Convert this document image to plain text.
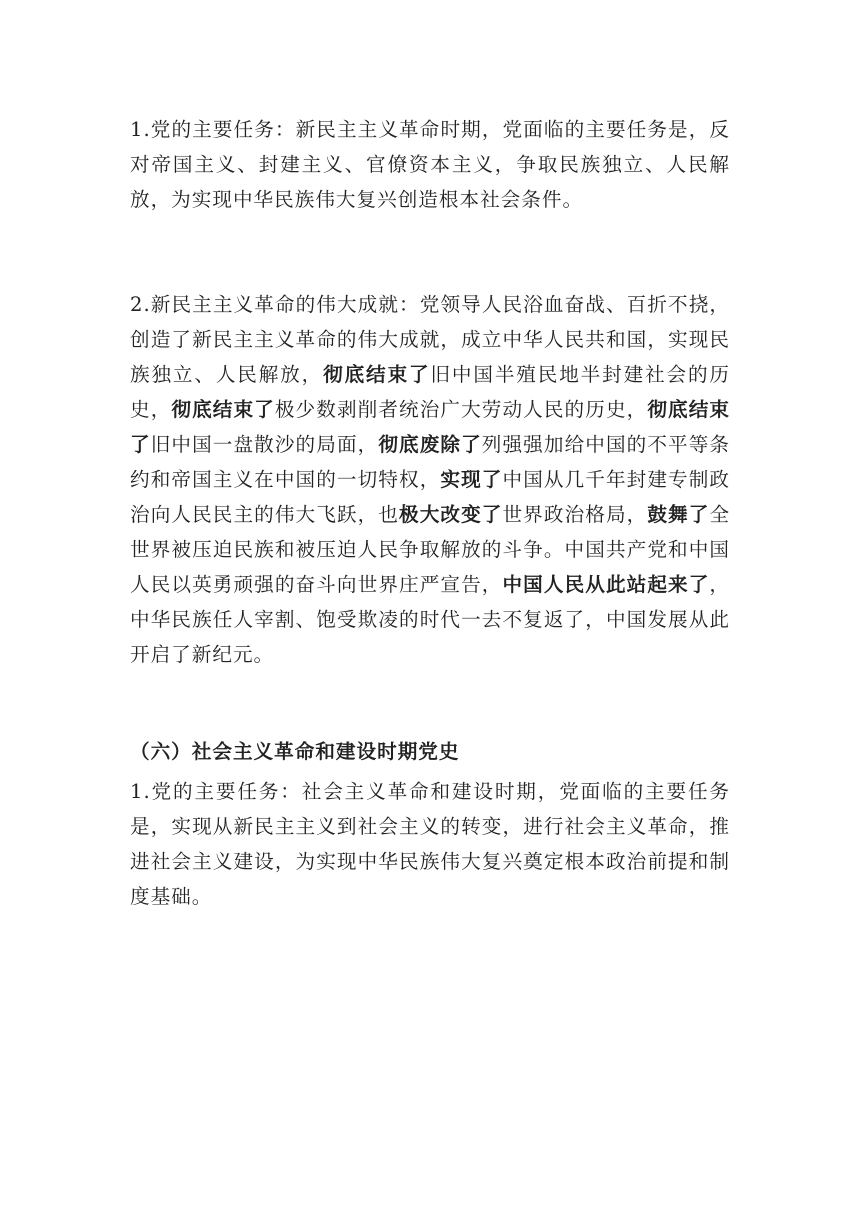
1.党的主要任务：新民主主义革命时期，党面临的主要任务是，反对帝国主义、封建主义、官僚资本主义，争取民族独立、人民解放，为实现中华民族伟大复兴创造根本社会条件。

2.新民主主义革命的伟大成就：党领导人民浴血奋战、百折不挠，创造了新民主主义革命的伟大成就，成立中华人民共和国，实现民族独立、人民解放，彻底结束了旧中国半殖民地半封建社会的历史，彻底结束了极少数剥削者统治广大劳动人民的历史，彻底结束了旧中国一盘散沙的局面，彻底废除了列强强加给中国的不平等条约和帝国主义在中国的一切特权，实现了中国从几千年封建专制政治向人民民主的伟大飞跃，也极大改变了世界政治格局，鼓舞了全世界被压迫民族和被压迫人民争取解放的斗争。中国共产党和中国人民以英勇顽强的奋斗向世界庄严宣告，中国人民从此站起来了，中华民族任人宰割、饱受欺凌的时代一去不复返了，中国发展从此开启了新纪元。

（六）社会主义革命和建设时期党史

1.党的主要任务：社会主义革命和建设时期，党面临的主要任务是，实现从新民主主义到社会主义的转变，进行社会主义革命，推进社会主义建设，为实现中华民族伟大复兴奠定根本政治前提和制度基础。
